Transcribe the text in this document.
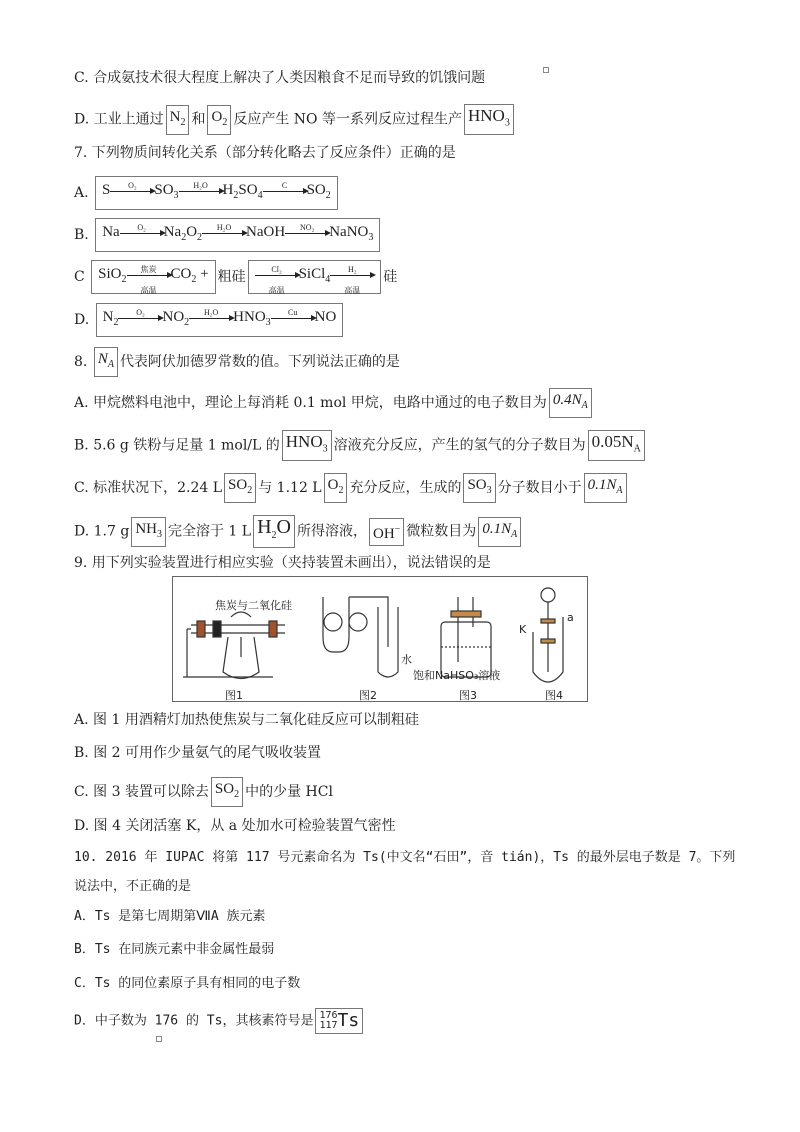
C. 合成氨技术很大程度上解决了人类因粮食不足而导致的饥饿问题
D. 工业上通过 $N_2$ 和 $O_2$ 反应产生 NO 等一系列反应过程生产 $HNO_3$
7. 下列物质间转化关系（部分转化略去了反应条件）正确的是
A. S	O₂	$SO_3$
H₂O $H_2SO_4$
C	$SO_2$
B. Na	O₂	$Na_2O_2$
H₂O NaOH	NO₂ NaNO$_3$
C SiO$_2$
焦炭
高温
$CO_2$ + 粗硅	Cl₂
高温
SiCl$_4$
H₂
高温
硅
D. $N_2$
O₂	$NO_2$
H₂O $HNO_3$
Cu	NO
8. $N_A$ 代表阿伏加德罗常数的值。下列说法正确的是
A. 甲烷燃料电池中，理论上每消耗 0.1 mol 甲烷，电路中通过的电子数目为 $0.4N_A$
B. 5.6 g 铁粉与足量 1 mol/L 的 $HNO_3$ 溶液充分反应，产生的氢气的分子数目为 $0.05N_A$
C. 标准状况下，2.24 L $SO_2$ 与 1.12 L $O_2$ 充分反应，生成的 $SO_3$ 分子数目小于 $0.1N_A$
D. 1.7 g $NH_3$ 完全溶于 1 L $H_2O$ 所得溶液， OH− 微粒数目为 $0.1N_A$
9. 用下列实验装置进行相应实验（夹持装置未画出），说法错误的是
焦炭与二氧化硅
水
饱和NaHSO₃溶液
K
a
图1	图2	图3	图4
A. 图 1 用酒精灯加热使焦炭与二氧化硅反应可以制粗硅
B. 图 2 可用作少量氨气的尾气吸收装置
C. 图 3 装置可以除去 $SO_2$ 中的少量 HCl
D. 图 4 关闭活塞 K，从 a 处加水可检验装置气密性
10. 2016 年 IUPAC 将第 117 号元素命名为 Ts(中文名“石田”，音 tián)，Ts 的最外层电子数是 7。下列
说法中，不正确的是
A．Ts 是第七周期第ⅦA 族元素
B．Ts 在同族元素中非金属性最弱
C．Ts 的同位素原子具有相同的电子数
D．中子数为 176 的 Ts，其核素符号是 176
117Ts
